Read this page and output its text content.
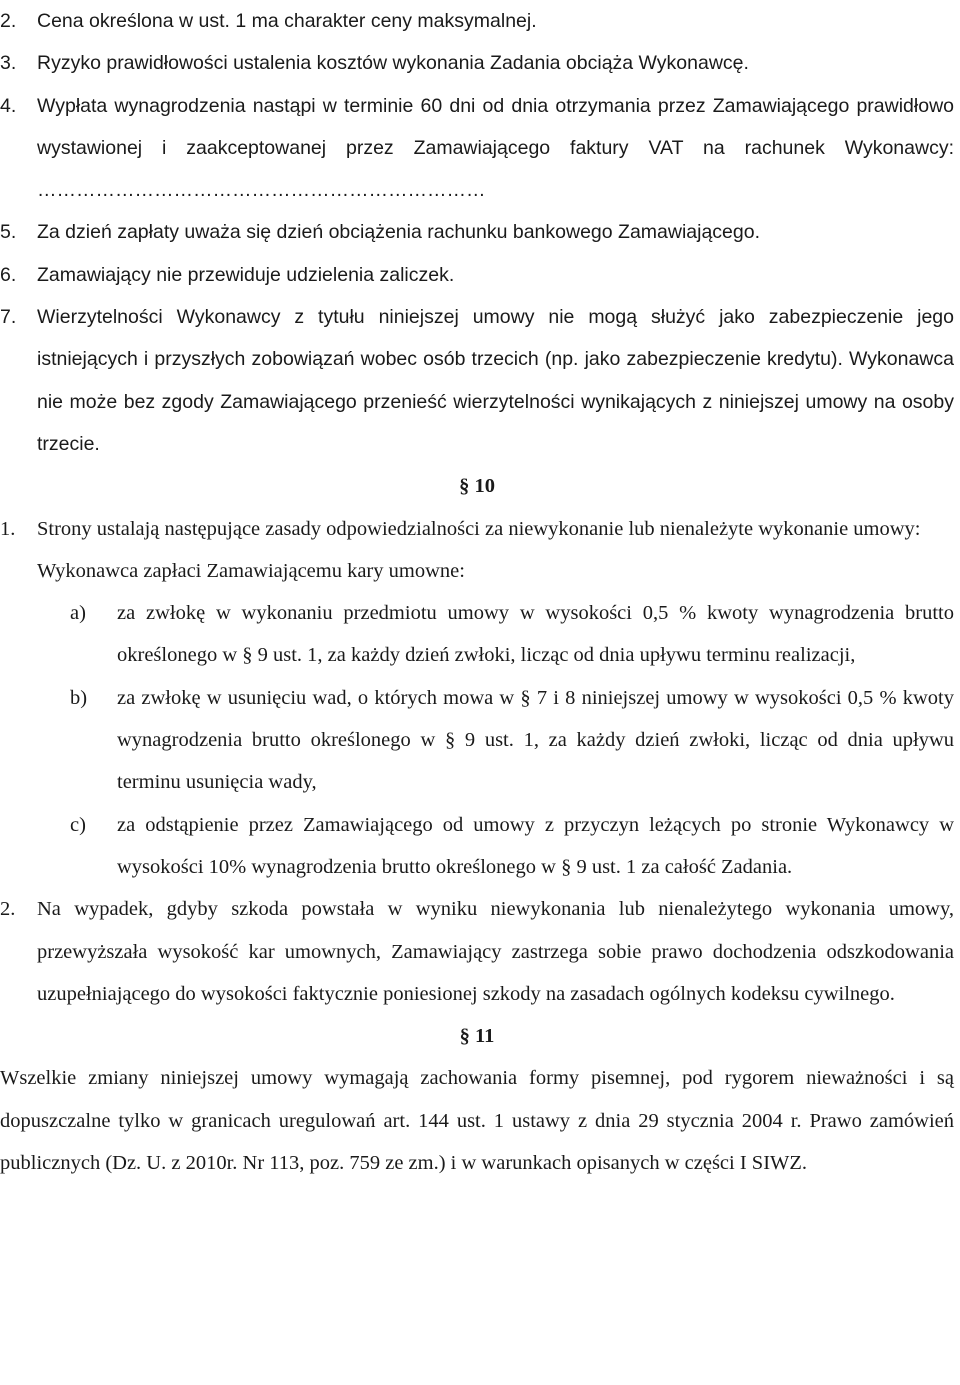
2. Cena określona w ust. 1 ma charakter ceny maksymalnej.
3. Ryzyko prawidłowości ustalenia kosztów wykonania Zadania obciąża Wykonawcę.
4. Wypłata wynagrodzenia nastąpi w terminie 60 dni od dnia otrzymania przez Zamawiającego prawidłowo wystawionej i zaakceptowanej przez Zamawiającego faktury VAT na rachunek Wykonawcy: ……………………………………………………………
5. Za dzień zapłaty uważa się dzień obciążenia rachunku bankowego Zamawiającego.
6. Zamawiający nie przewiduje udzielenia zaliczek.
7. Wierzytelności Wykonawcy z tytułu niniejszej umowy nie mogą służyć jako zabezpieczenie jego istniejących i przyszłych zobowiązań wobec osób trzecich (np. jako zabezpieczenie kredytu). Wykonawca nie może bez zgody Zamawiającego przenieść wierzytelności wynikających z niniejszej umowy na osoby trzecie.
§ 10
1. Strony ustalają następujące zasady odpowiedzialności za niewykonanie lub nienależyte wykonanie umowy:
Wykonawca zapłaci Zamawiającemu kary umowne:
a) za zwłokę w wykonaniu przedmiotu umowy w wysokości 0,5 % kwoty wynagrodzenia brutto określonego w § 9 ust. 1, za każdy dzień zwłoki, licząc od dnia upływu terminu realizacji,
b) za zwłokę w usunięciu wad, o których mowa w § 7 i 8 niniejszej umowy w wysokości 0,5 % kwoty wynagrodzenia brutto określonego w § 9 ust. 1, za każdy dzień zwłoki, licząc od dnia upływu terminu usunięcia wady,
c) za odstąpienie przez Zamawiającego od umowy z przyczyn leżących po stronie Wykonawcy w wysokości 10% wynagrodzenia brutto określonego w § 9 ust. 1 za całość Zadania.
2. Na wypadek, gdyby szkoda powstała w wyniku niewykonania lub nienależytego wykonania umowy, przewyższała wysokość kar umownych, Zamawiający zastrzega sobie prawo dochodzenia odszkodowania uzupełniającego do wysokości faktycznie poniesionej szkody na zasadach ogólnych kodeksu cywilnego.
§ 11
Wszelkie zmiany niniejszej umowy wymagają zachowania formy pisemnej, pod rygorem nieważności i są dopuszczalne tylko w granicach uregulowań art. 144 ust. 1 ustawy z dnia 29 stycznia 2004 r. Prawo zamówień publicznych (Dz. U. z 2010r. Nr 113, poz. 759 ze zm.) i w warunkach opisanych w części I SIWZ.
